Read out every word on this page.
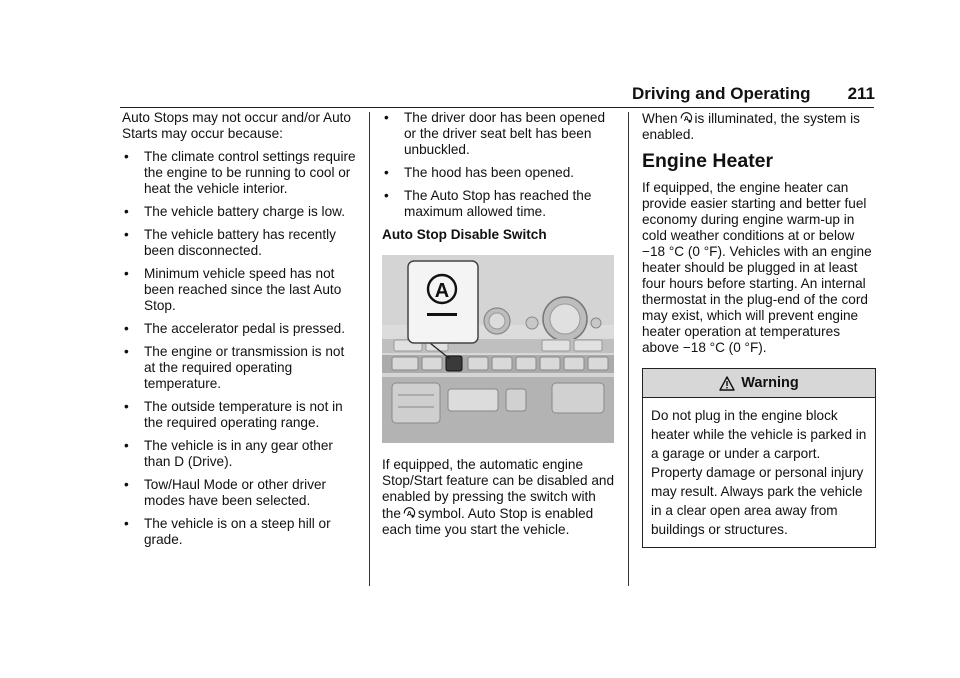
Driving and Operating 211

Auto Stops may not occur and/or Auto Starts may occur because:

• The climate control settings require the engine to be running to cool or heat the vehicle interior.
• The vehicle battery charge is low.
• The vehicle battery has recently been disconnected.
• Minimum vehicle speed has not been reached since the last Auto Stop.
• The accelerator pedal is pressed.
• The engine or transmission is not at the required operating temperature.
• The outside temperature is not in the required operating range.
• The vehicle is in any gear other than D (Drive).
• Tow/Haul Mode or other driver modes have been selected.
• The vehicle is on a steep hill or grade.
• The driver door has been opened or the driver seat belt has been unbuckled.
• The hood has been opened.
• The Auto Stop has reached the maximum allowed time.
Auto Stop Disable Switch
A

If equipped, the automatic engine Stop/Start feature can be disabled and enabled by pressing the switch with the A symbol. Auto Stop is enabled each time you start the vehicle.

When A is illuminated, the system is enabled.

Engine Heater

If equipped, the engine heater can provide easier starting and better fuel economy during engine warm-up in cold weather conditions at or below −18 °C (0 °F). Vehicles with an engine heater should be plugged in at least four hours before starting. An internal thermostat in the plug-end of the cord may exist, which will prevent engine heater operation at temperatures above −18 °C (0 °F).

Warning
Do not plug in the engine block heater while the vehicle is parked in a garage or under a carport. Property damage or personal injury may result. Always park the vehicle in a clear open area away from buildings or structures.
